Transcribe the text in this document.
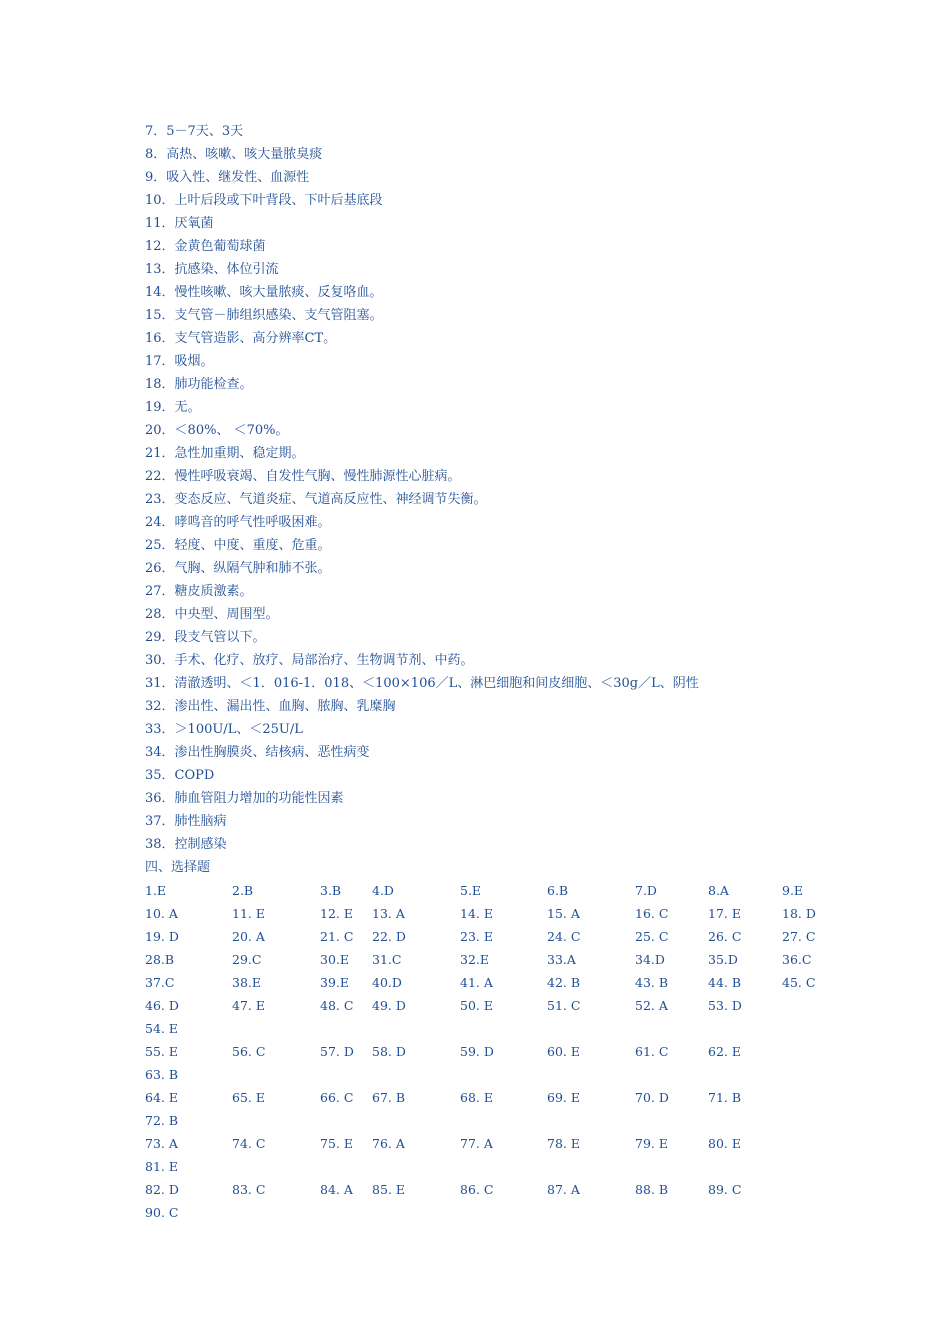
7．5－7天、3天
8．高热、咳嗽、咳大量脓臭痰
9．吸入性、继发性、血源性
10．上叶后段或下叶背段、下叶后基底段
11．厌氧菌
12．金黄色葡萄球菌
13．抗感染、体位引流
14．慢性咳嗽、咳大量脓痰、反复咯血。
15．支气管－肺组织感染、支气管阻塞。
16．支气管造影、高分辨率CT。
17．吸烟。
18．肺功能检查。
19．无。
20．＜80%、 ＜70%。
21．急性加重期、稳定期。
22．慢性呼吸衰竭、自发性气胸、慢性肺源性心脏病。
23．变态反应、气道炎症、气道高反应性、神经调节失衡。
24．哮鸣音的呼气性呼吸困难。
25．轻度、中度、重度、危重。
26．气胸、纵隔气肿和肺不张。
27．糖皮质激素。
28．中央型、周围型。
29．段支气管以下。
30．手术、化疗、放疗、局部治疗、生物调节剂、中药。
31．清澈透明、＜1．016-1．018、＜100×106／L、淋巴细胞和间皮细胞、＜30g／L、阴性
32．渗出性、漏出性、血胸、脓胸、乳糜胸
33．＞100U/L、＜25U/L
34．渗出性胸膜炎、结核病、恶性病变
35．COPD
36．肺血管阻力增加的功能性因素
37．肺性脑病
38．控制感染
四、选择题
1.E	2.B	3.B 4.D	5.E	6.B	7.D	8.A	9.E
10. A	11. E	12. E 13. A	14. E	15. A	16. C	17. E	18. D
19. D	20. A	21. C 22. D	23. E	24. C	25. C	26. C	27. C
28.B	29.C	30.E 31.C	32.E	33.A	34.D	35.D	36.C
37.C	38.E	39.E 40.D	41. A	42. B	43. B	44. B	45. C
46. D	47. E	48. C 49. D	50. E	51. C	52. A	53. D
54. E
55. E	56. C	57. D 58. D	59. D	60. E	61. C	62. E
63. B
64. E	65. E	66. C 67. B	68. E	69. E	70. D	71. B
72. B
73. A	74. C	75. E 76. A	77. A	78. E	79. E	80. E
81. E
82. D	83. C	84. A 85. E	86. C	87. A	88. B	89. C
90. C
